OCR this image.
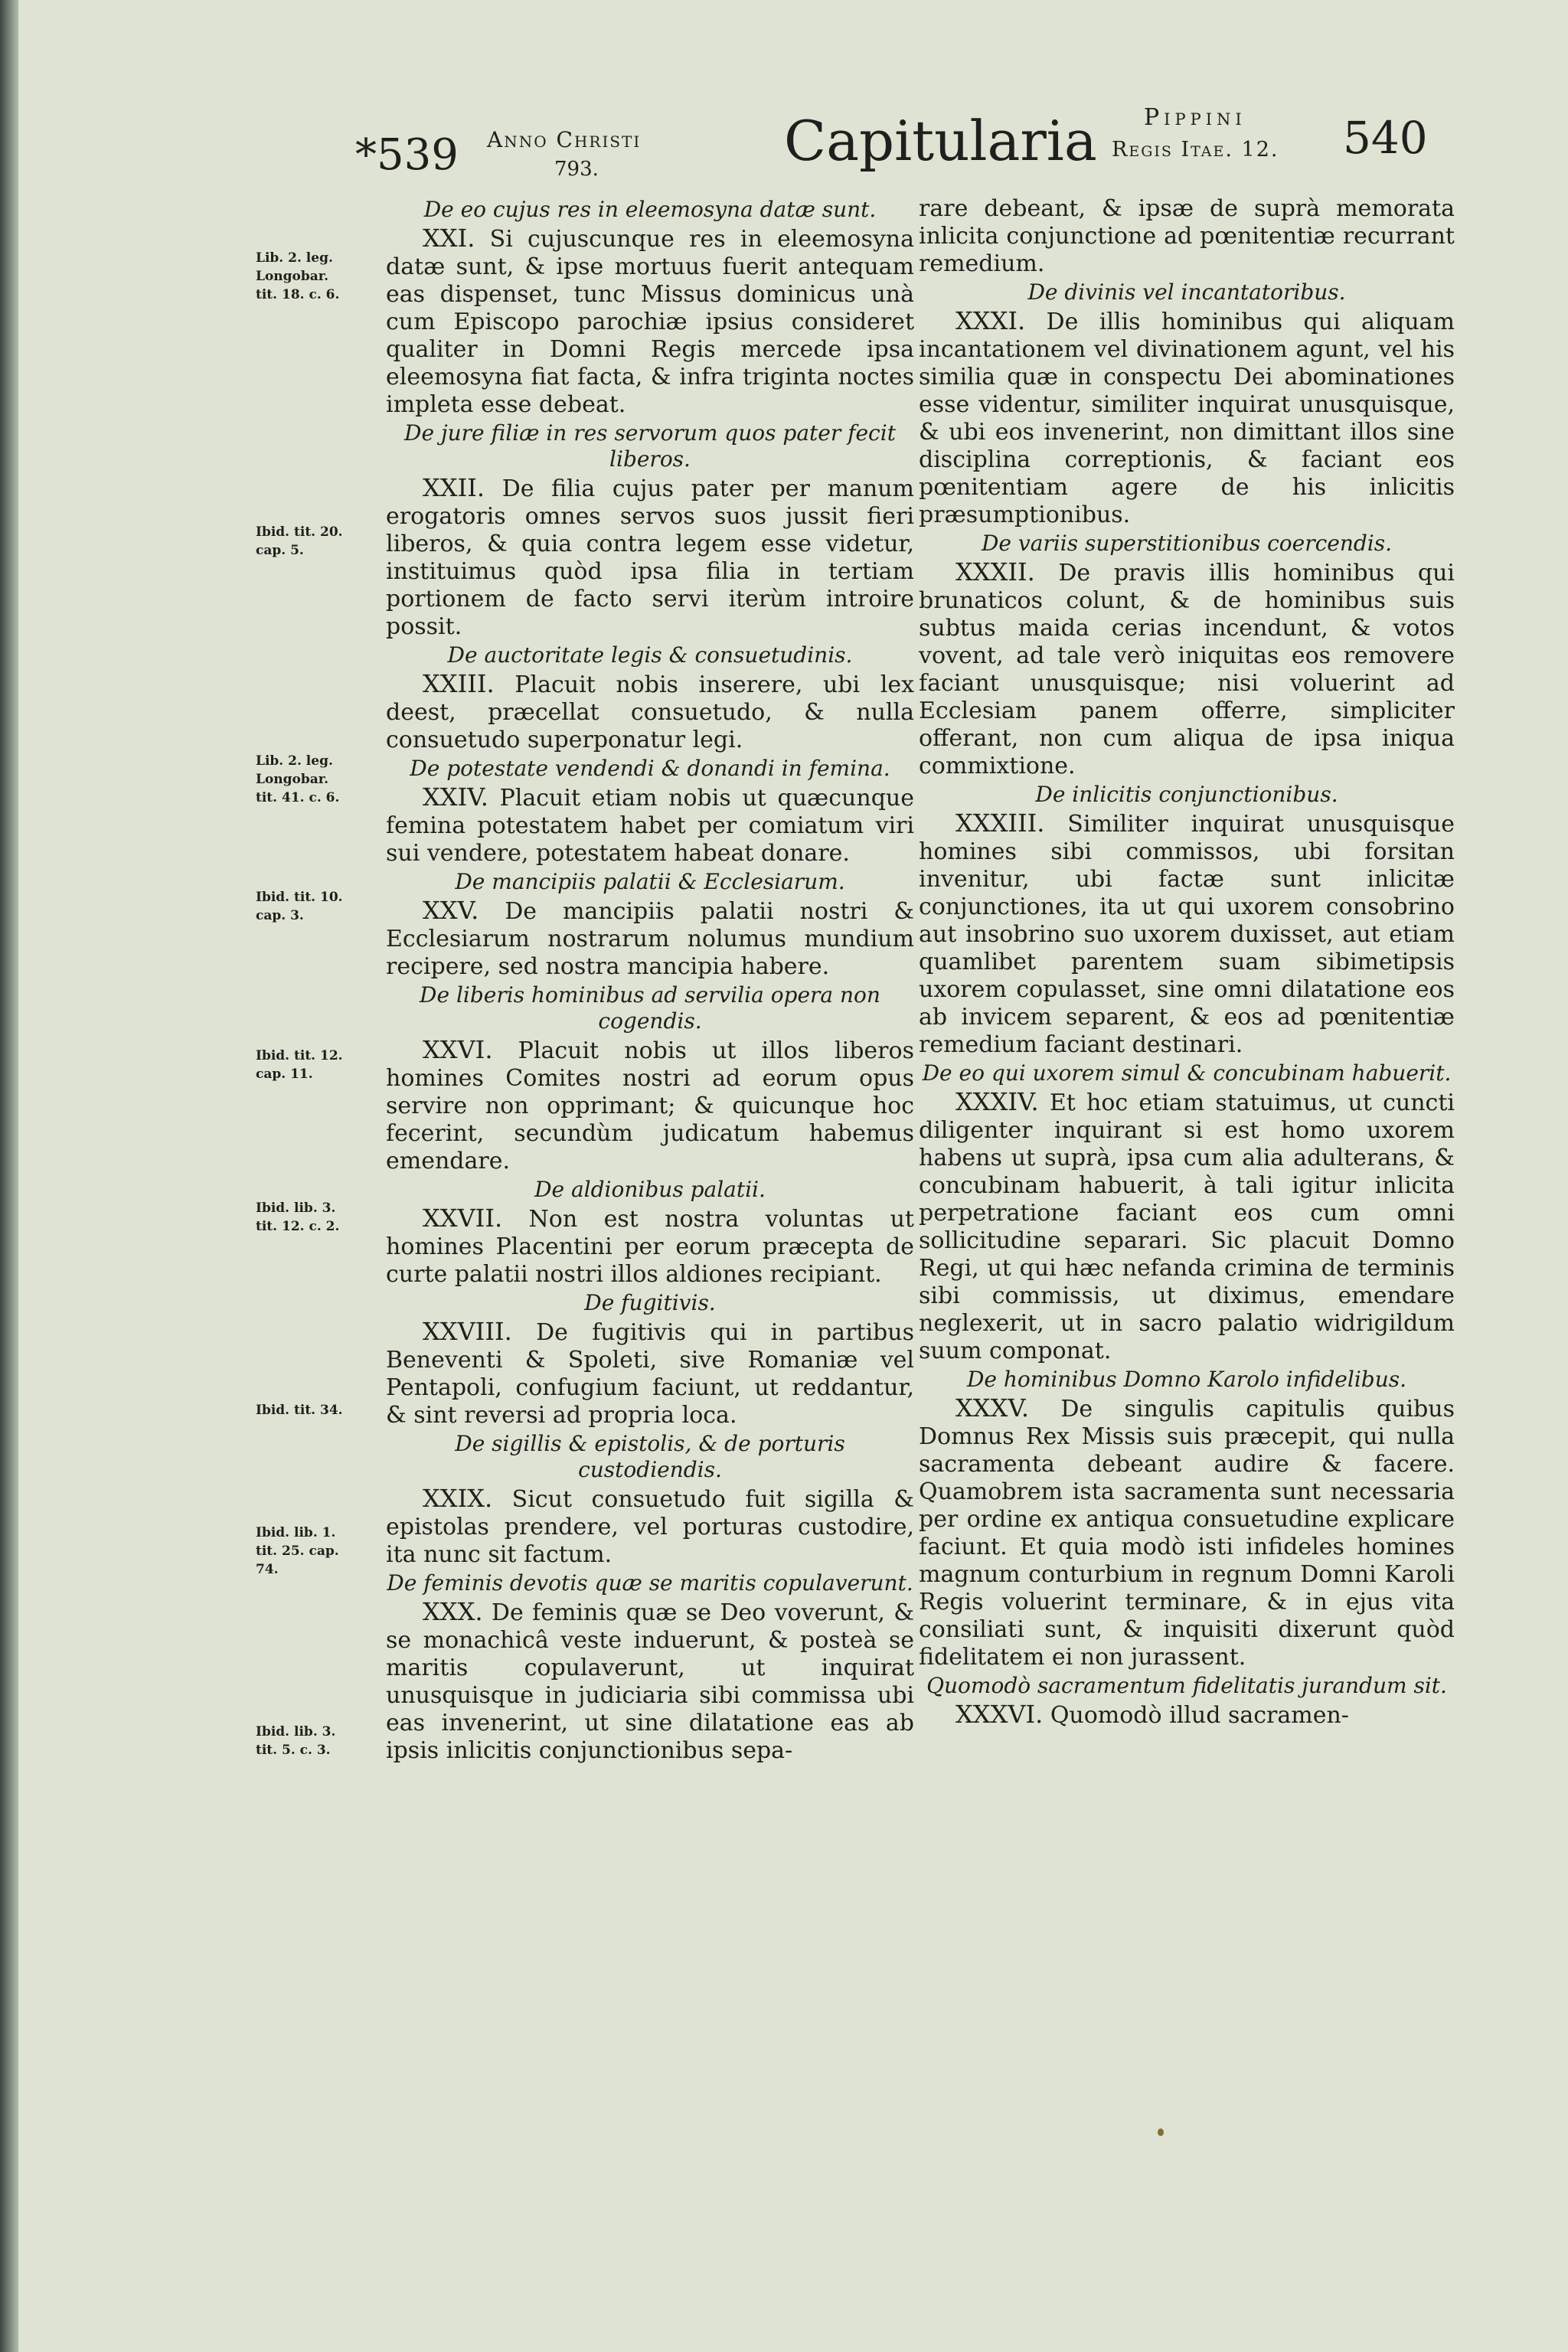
*539 Anno Christi
793.	Capitularia Pippini
Regis Itae. 12. 540
Lib. 2. leg.
Longobar.
tit. 18. c. 6.
Ibid. tit. 20.
cap. 5.
Lib. 2. leg.
Longobar.
tit. 41. c. 6.
Ibid. tit. 10.
cap. 3.
Ibid. tit. 12.
cap. 11.
Ibid. lib. 3.
tit. 12. c. 2.
Ibid. tit. 34.
Ibid. lib. 1.
tit. 25. cap.
74.
Ibid. lib. 3.
tit. 5. c. 3.
De eo cujus res in eleemosyna datæ sunt.

XXI. Si cujuscunque res in eleemosyna datæ sunt, & ipse mortuus fuerit antequam eas dispenset, tunc Missus dominicus unà cum Episcopo parochiæ ipsius consideret qualiter in Domni Regis mercede ipsa eleemosyna fiat facta, & infra triginta noctes impleta esse debeat.

De jure filiæ in res servorum quos pater fecit liberos.

XXII. De filia cujus pater per manum erogatoris omnes servos suos jussit fieri liberos, & quia contra legem esse videtur, instituimus quòd ipsa filia in tertiam portionem de facto servi iterùm introire possit.

De auctoritate legis & consuetudinis.

XXIII. Placuit nobis inserere, ubi lex deest, præcellat consuetudo, & nulla consuetudo superponatur legi.

De potestate vendendi & donandi in femina.

XXIV. Placuit etiam nobis ut quæcunque femina potestatem habet per comiatum viri sui vendere, potestatem habeat donare.

De mancipiis palatii & Ecclesiarum.

XXV. De mancipiis palatii nostri & Ecclesiarum nostrarum nolumus mundium recipere, sed nostra mancipia habere.

De liberis hominibus ad servilia opera non cogendis.

XXVI. Placuit nobis ut illos liberos homines Comites nostri ad eorum opus servire non opprimant; & quicunque hoc fecerint, secundùm judicatum habemus emendare.

De aldionibus palatii.

XXVII. Non est nostra voluntas ut homines Placentini per eorum præcepta de curte palatii nostri illos aldiones recipiant.

De fugitivis.

XXVIII. De fugitivis qui in partibus Beneventi & Spoleti, sive Romaniæ vel Pentapoli, confugium faciunt, ut reddantur, & sint reversi ad propria loca.

De sigillis & epistolis, & de porturis custodiendis.

XXIX. Sicut consuetudo fuit sigilla & epistolas prendere, vel porturas custodire, ita nunc sit factum.

De feminis devotis quæ se maritis copulaverunt.

XXX. De feminis quæ se Deo voverunt, & se monachicâ veste induerunt, & posteà se maritis copulaverunt, ut inquirat unusquisque in judiciaria sibi commissa ubi eas invenerint, ut sine dilatatione eas ab ipsis inlicitis conjunctionibus sepa-

rare debeant, & ipsæ de suprà memorata inlicita conjunctione ad pœnitentiæ recurrant remedium.

De divinis vel incantatoribus.

XXXI. De illis hominibus qui aliquam incantationem vel divinationem agunt, vel his similia quæ in conspectu Dei abominationes esse videntur, similiter inquirat unusquisque, & ubi eos invenerint, non dimittant illos sine disciplina correptionis, & faciant eos pœnitentiam agere de his inlicitis præsumptionibus.

De variis superstitionibus coercendis.

XXXII. De pravis illis hominibus qui brunaticos colunt, & de hominibus suis subtus maida cerias incendunt, & votos vovent, ad tale verò iniquitas eos removere faciant unusquisque; nisi voluerint ad Ecclesiam panem offerre, simpliciter offerant, non cum aliqua de ipsa iniqua commixtione.

De inlicitis conjunctionibus.

XXXIII. Similiter inquirat unusquisque homines sibi commissos, ubi forsitan invenitur, ubi factæ sunt inlicitæ conjunctiones, ita ut qui uxorem consobrino aut insobrino suo uxorem duxisset, aut etiam quamlibet parentem suam sibimetipsis uxorem copulasset, sine omni dilatatione eos ab invicem separent, & eos ad pœnitentiæ remedium faciant destinari.

De eo qui uxorem simul & concubinam habuerit.

XXXIV. Et hoc etiam statuimus, ut cuncti diligenter inquirant si est homo uxorem habens ut suprà, ipsa cum alia adulterans, & concubinam habuerit, à tali igitur inlicita perpetratione faciant eos cum omni sollicitudine separari. Sic placuit Domno Regi, ut qui hæc nefanda crimina de terminis sibi commissis, ut diximus, emendare neglexerit, ut in sacro palatio widrigildum suum componat.

De hominibus Domno Karolo infidelibus.

XXXV. De singulis capitulis quibus Domnus Rex Missis suis præcepit, qui nulla sacramenta debeant audire & facere. Quamobrem ista sacramenta sunt necessaria per ordine ex antiqua consuetudine explicare faciunt. Et quia modò isti infideles homines magnum conturbium in regnum Domni Karoli Regis voluerint terminare, & in ejus vita consiliati sunt, & inquisiti dixerunt quòd fidelitatem ei non jurassent.

Quomodò sacramentum fidelitatis jurandum sit.

XXXVI. Quomodò illud sacramen-
